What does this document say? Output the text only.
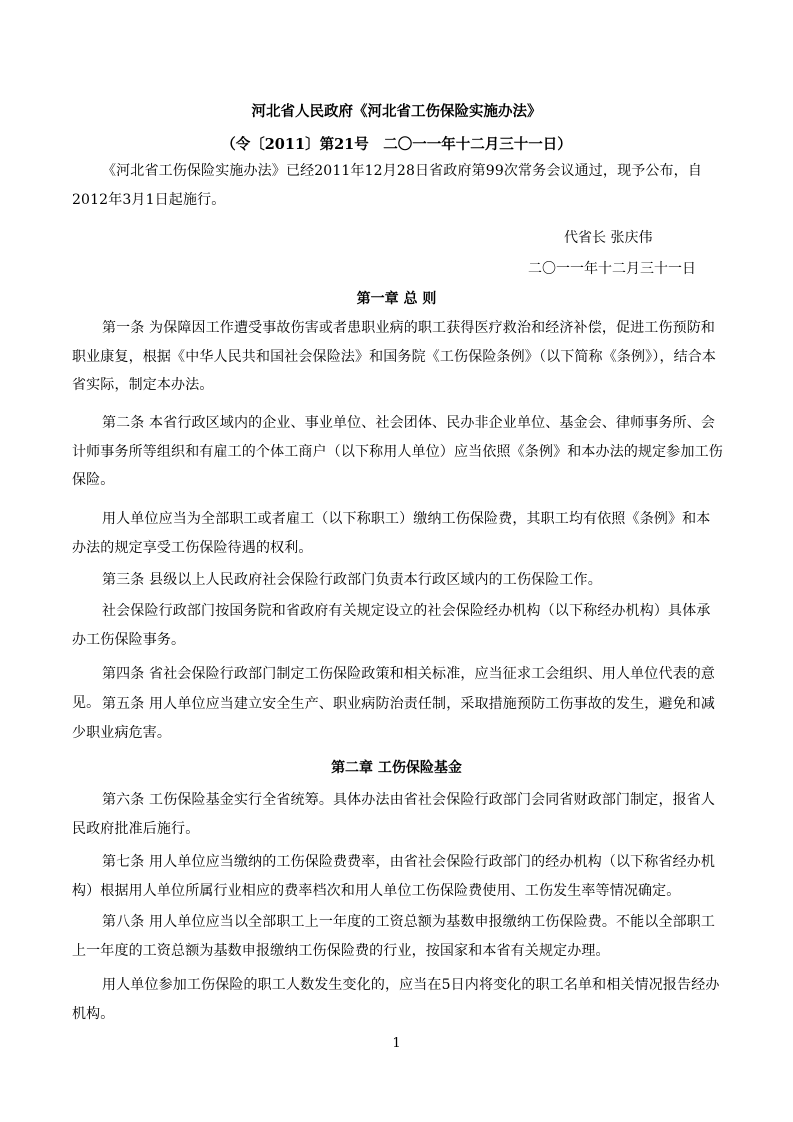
河北省人民政府《河北省工伤保险实施办法》
（令〔2011〕第21号　二〇一一年十二月三十一日）
《河北省工伤保险实施办法》已经2011年12月28日省政府第99次常务会议通过，现予公布，自2012年3月1日起施行。
代省长 张庆伟
二〇一一年十二月三十一日
第一章 总 则
第一条 为保障因工作遭受事故伤害或者患职业病的职工获得医疗救治和经济补偿，促进工伤预防和职业康复，根据《中华人民共和国社会保险法》和国务院《工伤保险条例》（以下简称《条例》），结合本省实际，制定本办法。
第二条 本省行政区域内的企业、事业单位、社会团体、民办非企业单位、基金会、律师事务所、会计师事务所等组织和有雇工的个体工商户（以下称用人单位）应当依照《条例》和本办法的规定参加工伤保险。
用人单位应当为全部职工或者雇工（以下称职工）缴纳工伤保险费，其职工均有依照《条例》和本办法的规定享受工伤保险待遇的权利。
第三条 县级以上人民政府社会保险行政部门负责本行政区域内的工伤保险工作。
社会保险行政部门按国务院和省政府有关规定设立的社会保险经办机构（以下称经办机构）具体承办工伤保险事务。
第四条 省社会保险行政部门制定工伤保险政策和相关标准，应当征求工会组织、用人单位代表的意见。 第五条 用人单位应当建立安全生产、职业病防治责任制，采取措施预防工伤事故的发生，避免和减少职业病危害。
第二章 工伤保险基金
第六条 工伤保险基金实行全省统筹。具体办法由省社会保险行政部门会同省财政部门制定，报省人民政府批准后施行。
第七条 用人单位应当缴纳的工伤保险费费率，由省社会保险行政部门的经办机构（以下称省经办机构）根据用人单位所属行业相应的费率档次和用人单位工伤保险费使用、工伤发生率等情况确定。
第八条 用人单位应当以全部职工上一年度的工资总额为基数申报缴纳工伤保险费。不能以全部职工上一年度的工资总额为基数申报缴纳工伤保险费的行业，按国家和本省有关规定办理。
用人单位参加工伤保险的职工人数发生变化的，应当在5日内将变化的职工名单和相关情况报告经办机构。
1
